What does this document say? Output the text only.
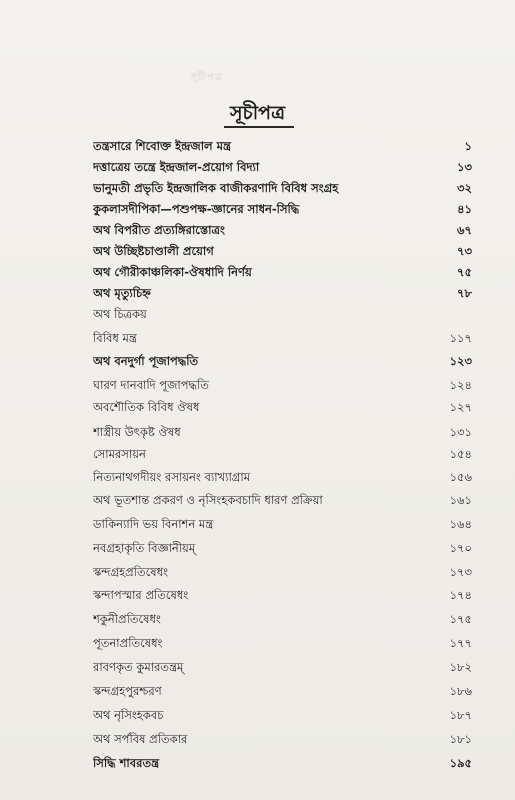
সূচীপত্র
সূচীপত্র
তন্ত্রসারে শিবোক্ত ইন্দ্রজাল মন্ত্র	১
দত্তাত্রেয় তন্ত্রে ইন্দ্রজাল-প্রয়োগ বিদ্যা	১৩
ভানুমতী প্রভৃতি ইন্দ্রজালিক বাজীকরণাদি বিবিধ সংগ্রহ	৩২
কুকলাসদীপিকা—পশুপক্ষ-জ্ঞানের সাধন-সিদ্ধি	৪১
অথ বিপরীত প্রত্যঙ্গিরাস্তোত্রং	৬৭
অথ উচ্ছিষ্টচাণ্ডালী প্রয়োগ	৭৩
অথ গৌরীকাঞ্চলিকা-ঔষধাদি নির্ণয়	৭৫
অথ মৃত্যুচিহ্ন	৭৮
অথ চিত্রকয়
বিবিধ মন্ত্র	১১৭
অথ বনদুর্গা পূজাপদ্ধতি	১২৩
ঘারণ দানবাদি পূজাপদ্ধতি	১২৪
অবশৌতিক বিবিধ ঔষধ	১২৭
শাস্ত্রীয় উৎকৃষ্ট ঔষধ	১৩১
সোমরসায়ন	১৫৪
নিত্যনাথগদীয়ং রসায়নং ব্যাখ্যাগ্রাম	১৫৬
অথ ভূতশান্ত প্রকরণ ও নৃসিংহকবচাদি ধারণ প্রক্রিয়া	১৬১
ডাকিন্যাদি ভয় বিনাশন মন্ত্র	১৬৪
নবগ্রহাকৃতি বিজ্ঞানীয়ম্	১৭০
স্কন্দগ্রহপ্রতিষেধং	১৭৩
স্কন্দাপস্মার প্রতিষেধং	১৭৪
শকুনীপ্রতিষেধং	১৭৫
পূতনাপ্রতিষেধং	১৭৭
রাবণকৃত কুমারতন্ত্রম্	১৮২
স্কন্দগ্রহপুরশ্চরণ	১৮৬
অথ নৃসিংহকবচ	১৮৭
অথ সর্পবিষ প্রতিকার	১৮১
সিদ্ধি শাবরতন্ত্র	১৯৫
